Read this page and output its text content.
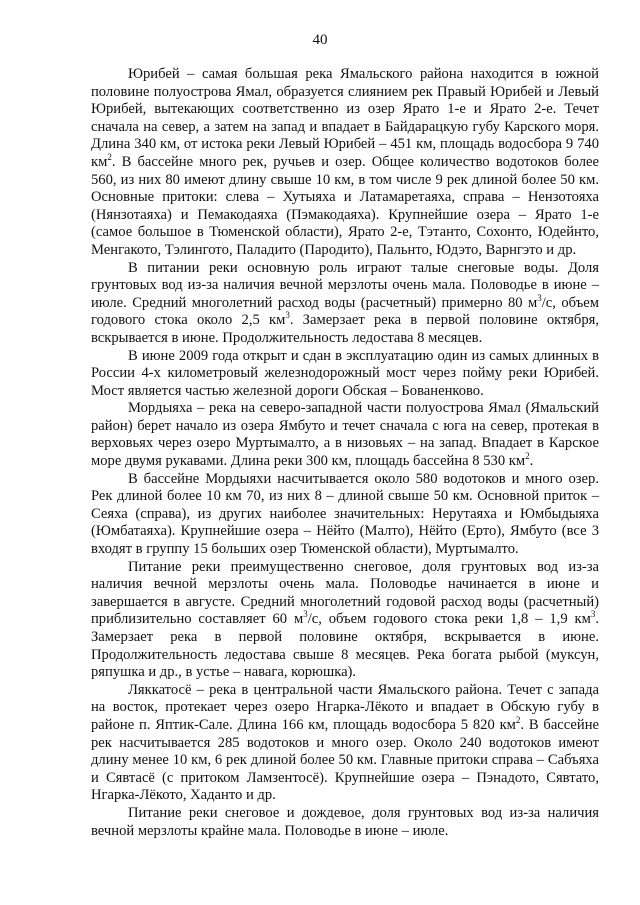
40

Юрибей – самая большая река Ямальского района находится в южной половине полуострова Ямал, образуется слиянием рек Правый Юрибей и Левый Юрибей, вытекающих соответственно из озер Ярато 1-е и Ярато 2-е. Течет сначала на север, а затем на запад и впадает в Байдарацкую губу Карского моря. Длина 340 км, от истока реки Левый Юрибей – 451 км, площадь водосбора 9 740 $км^2$. В бассейне много рек, ручьев и озер. Общее количество водотоков более 560, из них 80 имеют длину свыше 10 км, в том числе 9 рек длиной более 50 км. Основные притоки: слева – Хутыяха и Латамаретаяха, справа – Нензотояха (Нянзотаяха) и Пемакодаяха (Пэмакодаяха). Крупнейшие озера – Ярато 1-е (самое большое в Тюменской области), Ярато 2-е, Тэтанто, Сохонто, Юдейнто, Менгакото, Тэлинготo, Паладито (Пародито), Пальнто, Юдэто, Варнгэто и др.

В питании реки основную роль играют талые снеговые воды. Доля грунтовых вод из-за наличия вечной мерзлоты очень мала. Половодье в июне – июле. Средний многолетний расход воды (расчетный) примерно 80 $м^3/с$, объем годового стока около 2,5 $км^3$. Замерзает река в первой половине октября, вскрывается в июне. Продолжительность ледостава 8 месяцев.

В июне 2009 года открыт и сдан в эксплуатацию один из самых длинных в России 4-х километровый железнодорожный мост через пойму реки Юрибей. Мост является частью железной дороги Обская – Бованенково.

Мордыяха – река на северо-западной части полуострова Ямал (Ямальский район) берет начало из озера Ямбуто и течет сначала с юга на север, протекая в верховьях через озеро Муртымалто, а в низовьях – на запад. Впадает в Карское море двумя рукавами. Длина реки 300 км, площадь бассейна 8 530 $км^2$.

В бассейне Мордыяхи насчитывается около 580 водотоков и много озер. Рек длиной более 10 км 70, из них 8 – длиной свыше 50 км. Основной приток – Сеяха (справа), из других наиболее значительных: Нерутаяха и Юмбыдыяха (Юмбатаяха). Крупнейшие озера – Нёйто (Малто), Нёйто (Ерто), Ямбуто (все 3 входят в группу 15 больших озер Тюменской области), Муртымалто.

Питание реки преимущественно снеговое, доля грунтовых вод из-за наличия вечной мерзлоты очень мала. Половодье начинается в июне и завершается в августе. Средний многолетний годовой расход воды (расчетный) приблизительно составляет 60 $м^3/с$, объем годового стока реки 1,8 – 1,9 $км^3$. Замерзает река в первой половине октября, вскрывается в июне. Продолжительность ледостава свыше 8 месяцев. Река богата рыбой (муксун, ряпушка и др., в устье – навага, корюшка).

Ляккатосё – река в центральной части Ямальского района. Течет с запада на восток, протекает через озеро Нгарка-Лёкото и впадает в Обскую губу в районе п. Яптик-Сале. Длина 166 км, площадь водосбора 5 820 $км^2$. В бассейне рек насчитывается 285 водотоков и много озер. Около 240 водотоков имеют длину менее 10 км, 6 рек длиной более 50 км. Главные притоки справа – Сабъяха и Сявтасё (с притоком Ламзентосё). Крупнейшие озера – Пэнадото, Сявтато, Нгарка-Лёкото, Хаданто и др.

Питание реки снеговое и дождевое, доля грунтовых вод из-за наличия вечной мерзлоты крайне мала. Половодье в июне – июле.
